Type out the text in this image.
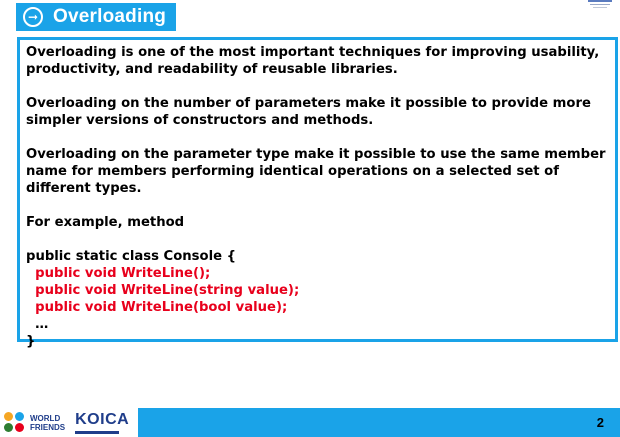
➞ Overloading

Overloading is one of the most important techniques for improving usability, productivity, and readability of reusable libraries.

Overloading on the number of parameters make it possible to provide more simpler versions of constructors and methods.

Overloading on the parameter type make it possible to use the same member name for members performing identical operations on a selected set of different types.

For example, method

public static class Console {

public void WriteLine();

public void WriteLine(string value);

public void WriteLine(bool value);

…

}

WORLD
FRIENDS KOICA	2
